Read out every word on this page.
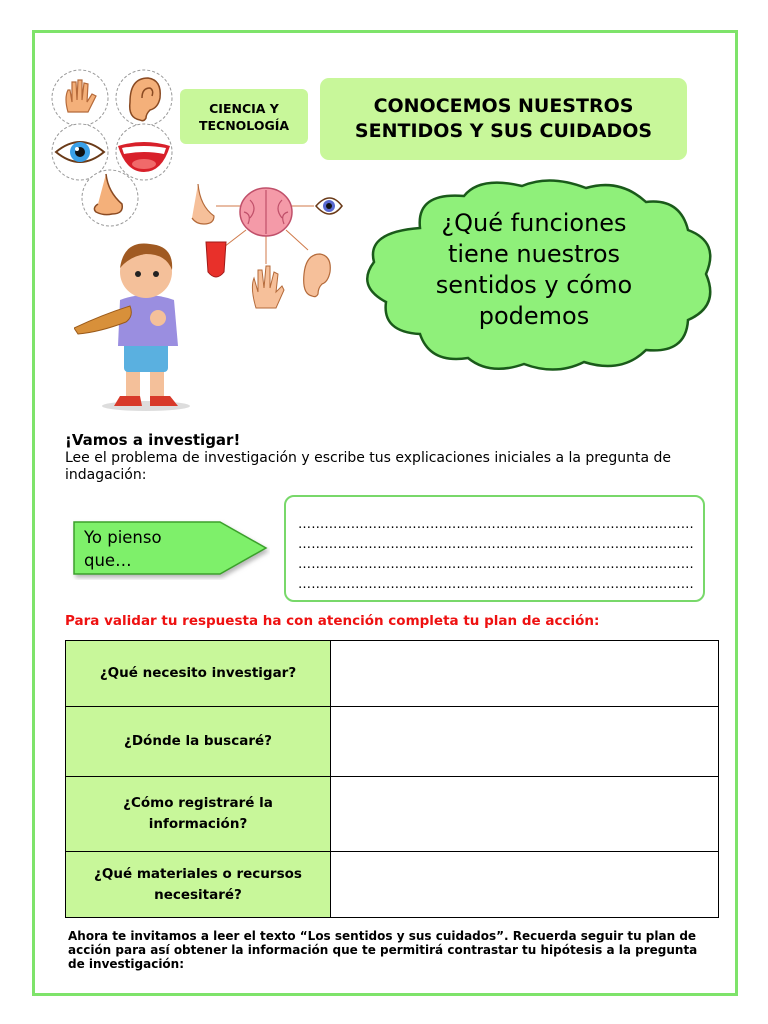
CIENCIA Y
TECNOLOGÍA
CONOCEMOS NUESTROS
SENTIDOS Y SUS CUIDADOS
¿Qué funciones
tiene nuestros
sentidos y cómo
podemos
¡Vamos a investigar!
Lee el problema de investigación y escribe tus explicaciones iniciales a la pregunta de indagación:
Yo pienso
que…
………………………………………………………………………………
………………………………………………………………………………
………………………………………………………………………………
………………………………………………………………………………
Para validar tu respuesta ha con atención completa tu plan de acción:
¿Qué necesito investigar?	
¿Dónde la buscaré?	
¿Cómo registraré la información?	
¿Qué materiales o recursos necesitaré?	
Ahora te invitamos a leer el texto “Los sentidos y sus cuidados”. Recuerda seguir tu plan de acción para así obtener la información que te permitirá contrastar tu hipótesis a la pregunta de investigación:
